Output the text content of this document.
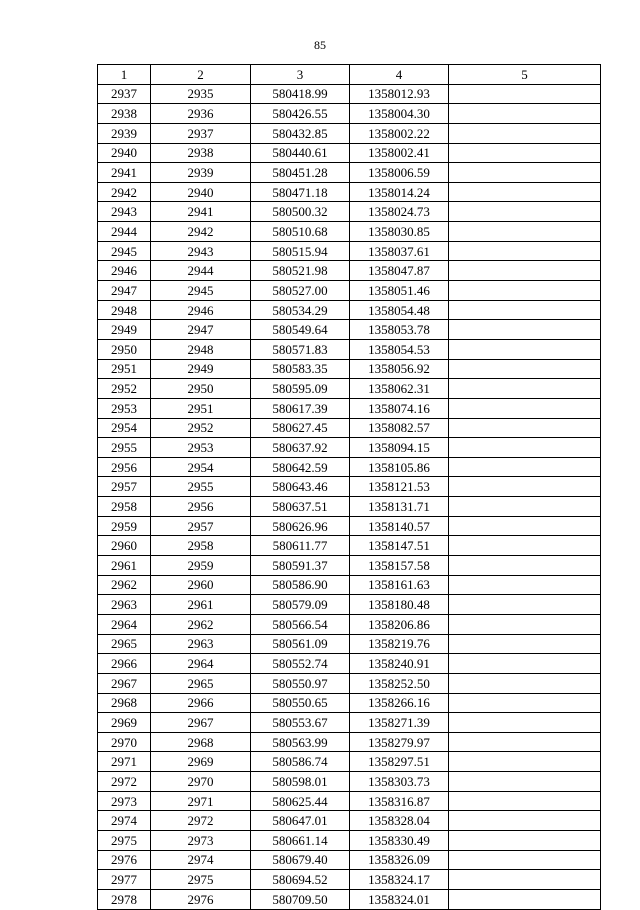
85
1	2	3	4	5
2937	2935	580418.99	1358012.93	
2938	2936	580426.55	1358004.30	
2939	2937	580432.85	1358002.22	
2940	2938	580440.61	1358002.41	
2941	2939	580451.28	1358006.59	
2942	2940	580471.18	1358014.24	
2943	2941	580500.32	1358024.73	
2944	2942	580510.68	1358030.85	
2945	2943	580515.94	1358037.61	
2946	2944	580521.98	1358047.87	
2947	2945	580527.00	1358051.46	
2948	2946	580534.29	1358054.48	
2949	2947	580549.64	1358053.78	
2950	2948	580571.83	1358054.53	
2951	2949	580583.35	1358056.92	
2952	2950	580595.09	1358062.31	
2953	2951	580617.39	1358074.16	
2954	2952	580627.45	1358082.57	
2955	2953	580637.92	1358094.15	
2956	2954	580642.59	1358105.86	
2957	2955	580643.46	1358121.53	
2958	2956	580637.51	1358131.71	
2959	2957	580626.96	1358140.57	
2960	2958	580611.77	1358147.51	
2961	2959	580591.37	1358157.58	
2962	2960	580586.90	1358161.63	
2963	2961	580579.09	1358180.48	
2964	2962	580566.54	1358206.86	
2965	2963	580561.09	1358219.76	
2966	2964	580552.74	1358240.91	
2967	2965	580550.97	1358252.50	
2968	2966	580550.65	1358266.16	
2969	2967	580553.67	1358271.39	
2970	2968	580563.99	1358279.97	
2971	2969	580586.74	1358297.51	
2972	2970	580598.01	1358303.73	
2973	2971	580625.44	1358316.87	
2974	2972	580647.01	1358328.04	
2975	2973	580661.14	1358330.49	
2976	2974	580679.40	1358326.09	
2977	2975	580694.52	1358324.17	
2978	2976	580709.50	1358324.01	
